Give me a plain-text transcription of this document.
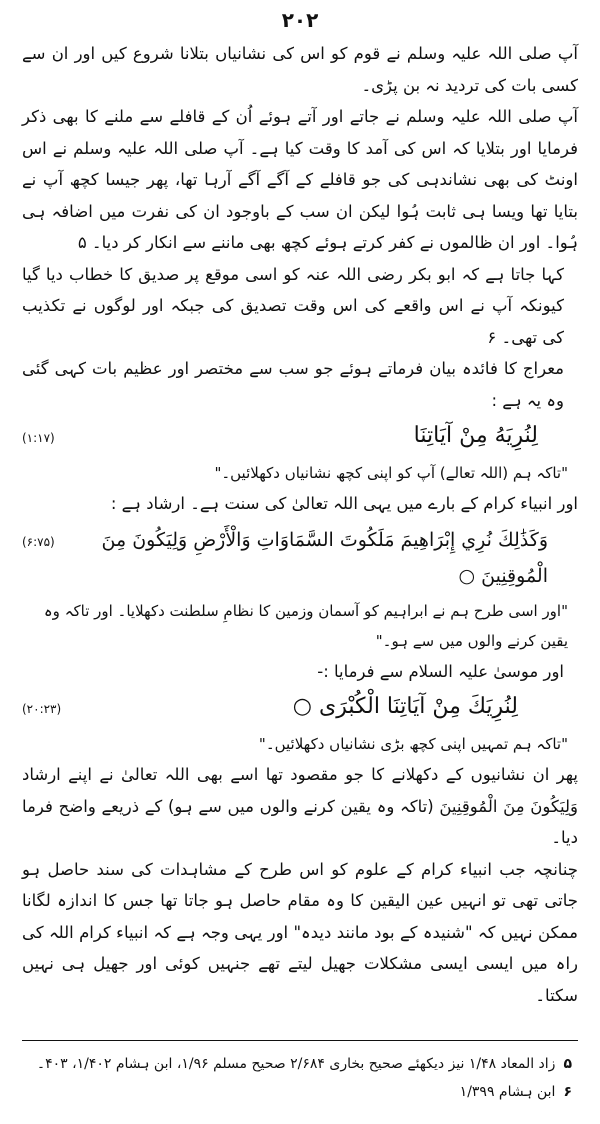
۲۰۲

آپ صلی اللہ علیہ وسلم نے قوم کو اس کی نشانیاں بتلانا شروع کیں اور ان سے کسی بات کی تردید نہ بن پڑی۔

آپ صلی اللہ علیہ وسلم نے جاتے اور آتے ہوئے اُن کے قافلے سے ملنے کا بھی ذکر فرمایا اور بتلایا کہ اس کی آمد کا وقت کیا ہے۔ آپ صلی اللہ علیہ وسلم نے اس اونٹ کی بھی نشاندہی کی جو قافلے کے آگے آگے آرہا تھا، پھر جیسا کچھ آپ نے بتایا تھا ویسا ہی ثابت ہُوا لیکن ان سب کے باوجود ان کی نفرت میں اضافہ ہی ہُوا۔ اور ان ظالموں نے کفر کرتے ہوئے کچھ بھی ماننے سے انکار کر دیا۔ ۵

کہا جاتا ہے کہ ابو بکر رضی اللہ عنہ کو اسی موقع پر صدیق کا خطاب دیا گیا کیونکہ آپ نے اس واقعے کی اس وقت تصدیق کی جبکہ اور لوگوں نے تکذیب کی تھی۔ ۶

معراج کا فائدہ بیان فرماتے ہوئے جو سب سے مختصر اور عظیم بات کہی گئی وہ یہ ہے :

لِنُرِيَهُ مِنْ آيَاتِنَا
(۱:۱۷)

"تاکہ ہم (اللہ تعالے) آپ کو اپنی کچھ نشانیاں دکھلائیں۔"

اور انبیاء کرام کے بارے میں یہی اللہ تعالیٰ کی سنت ہے۔ ارشاد ہے :

وَكَذَٰلِكَ نُرِي إِبْرَاهِيمَ مَلَكُوتَ السَّمَاوَاتِ وَالْأَرْضِ وَلِيَكُونَ مِنَ الْمُوقِنِينَ ○
(۶:۷۵)

"اور اسی طرح ہم نے ابراہیم کو آسمان وزمین کا نظامِ سلطنت دکھلایا۔ اور تاکہ وہ یقین کرنے والوں میں سے ہو۔"

اور موسیٰ علیہ السلام سے فرمایا :-

لِنُرِيَكَ مِنْ آيَاتِنَا الْكُبْرَى ○
(۲۰:۲۳)

"تاکہ ہم تمہیں اپنی کچھ بڑی نشانیاں دکھلائیں۔"

پھر ان نشانیوں کے دکھلانے کا جو مقصود تھا اسے بھی اللہ تعالیٰ نے اپنے ارشاد وَلِيَكُونَ مِنَ الْمُوقِنِينَ (تاکہ وہ یقین کرنے والوں میں سے ہو) کے ذریعے واضح فرما دیا۔

چنانچہ جب انبیاء کرام کے علوم کو اس طرح کے مشاہدات کی سند حاصل ہو جاتی تھی تو انہیں عین الیقین کا وہ مقام حاصل ہو جاتا تھا جس کا اندازہ لگانا ممکن نہیں کہ "شنیدہ کے بود مانند دیدہ" اور یہی وجہ ہے کہ انبیاء کرام اللہ کی راہ میں ایسی ایسی مشکلات جھیل لیتے تھے جنہیں کوئی اور جھیل ہی نہیں سکتا۔

۵زاد المعاد ۱/۴۸ نیز دیکھئے صحیح بخاری ۲/۶۸۴ صحیح مسلم ۱/۹۶، ابن ہشام ۱/۴۰۲، ۴۰۳۔

۶ابن ہشام ۱/۳۹۹
